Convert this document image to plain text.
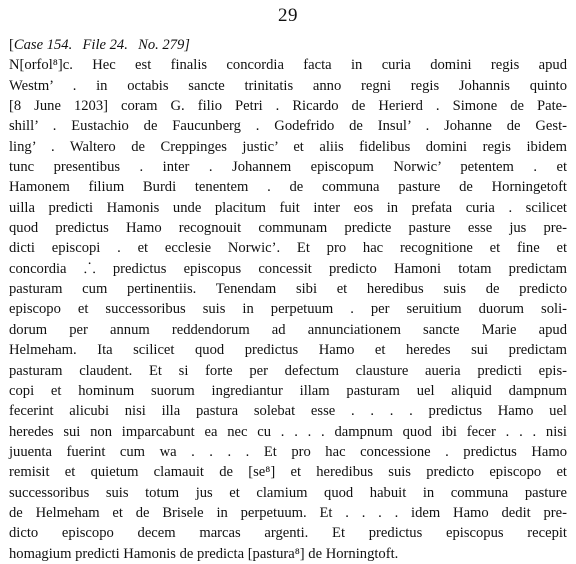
29
[Case 154. File 24. No. 279]
N[orfol⁸]c. Hec est finalis concordia facta in curia domini regis apud
Westm’ . in octabis sancte trinitatis anno regni regis Johannis quinto
[8 June 1203] coram G. filio Petri . Ricardo de Herierd . Simone de Pate-
shill’ . Eustachio de Faucunberg . Godefrido de Insul’ . Johanne de Gest-
ling’ . Waltero de Creppinges justic’ et aliis fidelibus domini regis ibidem
tunc presentibus . inter . Johannem episcopum Norwic’ petentem . et
Hamonem filium Burdi tenentem . de communa pasture de Horningetoft
uilla predicti Hamonis unde placitum fuit inter eos in prefata curia . scilicet
quod predictus Hamo recognouit communam predicte pasture esse jus pre-
dicti episcopi . et ecclesie Norwic’. Et pro hac recognitione et fine et
concordia ⸫ predictus episcopus concessit predicto Hamoni totam predictam
pasturam cum pertinentiis. Tenendam sibi et heredibus suis de predicto
episcopo et successoribus suis in perpetuum . per seruitium duorum soli-
dorum per annum reddendorum ad annunciationem sancte Marie apud
Helmeham. Ita scilicet quod predictus Hamo et heredes sui predictam
pasturam claudent. Et si forte per defectum clausture aueria predicti epis-
copi et hominum suorum ingrediantur illam pasturam uel aliquid dampnum
fecerint alicubi nisi illa pastura solebat esse . . . . predictus Hamo uel
heredes sui non imparcabunt ea nec cu . . . . dampnum quod ibi fecer . . . nisi
juuenta fuerint cum wa . . . . Et pro hac concessione . predictus Hamo
remisit et quietum clamauit de [se⁸] et heredibus suis predicto episcopo et
successoribus suis totum jus et clamium quod habuit in communa pasture
de Helmeham et de Brisele in perpetuum. Et . . . . idem Hamo dedit pre-
dicto episcopo decem marcas argenti. Et predictus episcopus recepit
homagium predicti Hamonis de predicta [pastura⁸] de Horningtoft.
